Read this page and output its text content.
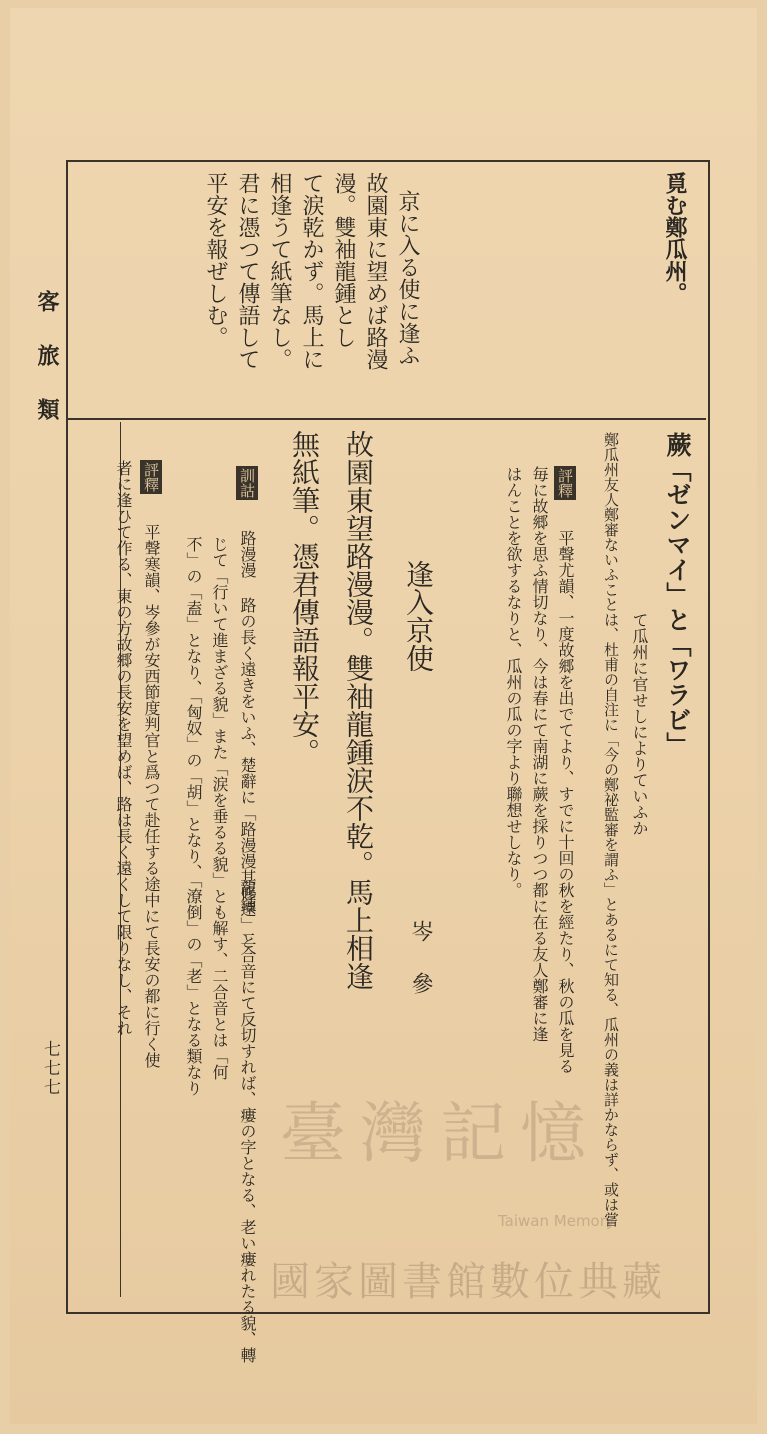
客旅類
七七七
覓む鄭瓜州。
京に入る使に逢ふ
故園東に望めば路漫
漫。雙袖龍鍾とし
て涙乾かず。馬上に
相逢うて紙筆なし。
君に憑つて傳語して
平安を報ぜしむ。
蕨「ゼンマイ」と「ワラビ」
て瓜州に官せしによりていふか
鄭瓜州友人鄭審ないふことは、杜甫の自注に「今の鄭祕監審を謂ふ」とあるにて知る、瓜州の義は詳かならず、或は嘗
評釋
平聲尤韻、一度故郷を出でてより、すでに十回の秋を經たり、秋の瓜を見る
毎に故郷を思ふ情切なり、今は春にて南湖に蕨を採りつつ都に在る友人鄭審に逢
はんことを欲するなりと、瓜州の瓜の字より聯想せしなり。
逢入京使
岑參
故園東望路漫漫。雙袖龍鍾涙不乾。馬上相逢
無紙筆。憑君傳語報平安。
訓詁
路漫漫 路の長く遠きをいふ、楚辭に「路漫漫其修遠」と
龍鍾 二合音にて反切すれば、瘻の字となる、老い瘻れたる貌、轉
じて「行いて進まざる貌」また「涙を垂るる貌」とも解す、二合音とは「何
不」の「盍」となり、「匈奴」の「胡」となり、「潦倒」の「老」となる類なり
評釋
平聲寒韻、岑參が安西節度判官と爲つて赴任する途中にて長安の都に行く使
者に逢ひて作る、東の方故郷の長安を望めば、路は長く遠くして限りなし、それ
臺灣記憶
Taiwan Memory
國家圖書館數位典藏
